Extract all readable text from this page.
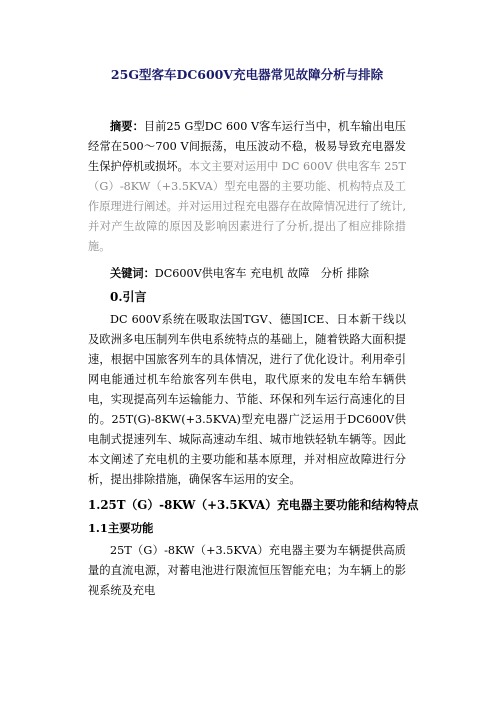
25G型客车DC600V充电器常见故障分析与排除

摘要：目前25 G型DC 600 V客车运行当中，机车输出电压经常在500～700 V间振荡，电压波动不稳，极易导致充电器发生保护停机或损坏。本文主要对运用中 DC 600V 供电客车 25T（G）-8KW（+3.5KVA）型充电器的主要功能、机构特点及工作原理进行阐述。并对运用过程充电器存在故障情况进行了统计,并对产生故障的原因及影响因素进行了分析,提出了相应排除措施。

关键词：DC600V供电客车 充电机 故障　分析 排除

0.引言

DC 600V系统在吸取法国TGV、德国ICE、日本新干线以及欧洲多电压制列车供电系统特点的基础上，随着铁路大面积提速，根据中国旅客列车的具体情况，进行了优化设计。利用牵引网电能通过机车给旅客列车供电，取代原来的发电车给车辆供电，实现提高列车运输能力、节能、环保和列车运行高速化的目的。25T(G)-8KW(+3.5KVA)型充电器广泛运用于DC600V供电制式提速列车、城际高速动车组、城市地铁轻轨车辆等。因此本文阐述了充电机的主要功能和基本原理，并对相应故障进行分析，提出排除措施，确保客车运用的安全。

1.25T（G）-8KW（+3.5KVA）充电器主要功能和结构特点
1.1主要功能

25T（G）-8KW（+3.5KVA）充电器主要为车辆提供高质量的直流电源，对蓄电池进行限流恒压智能充电；为车辆上的影视系统及充电
